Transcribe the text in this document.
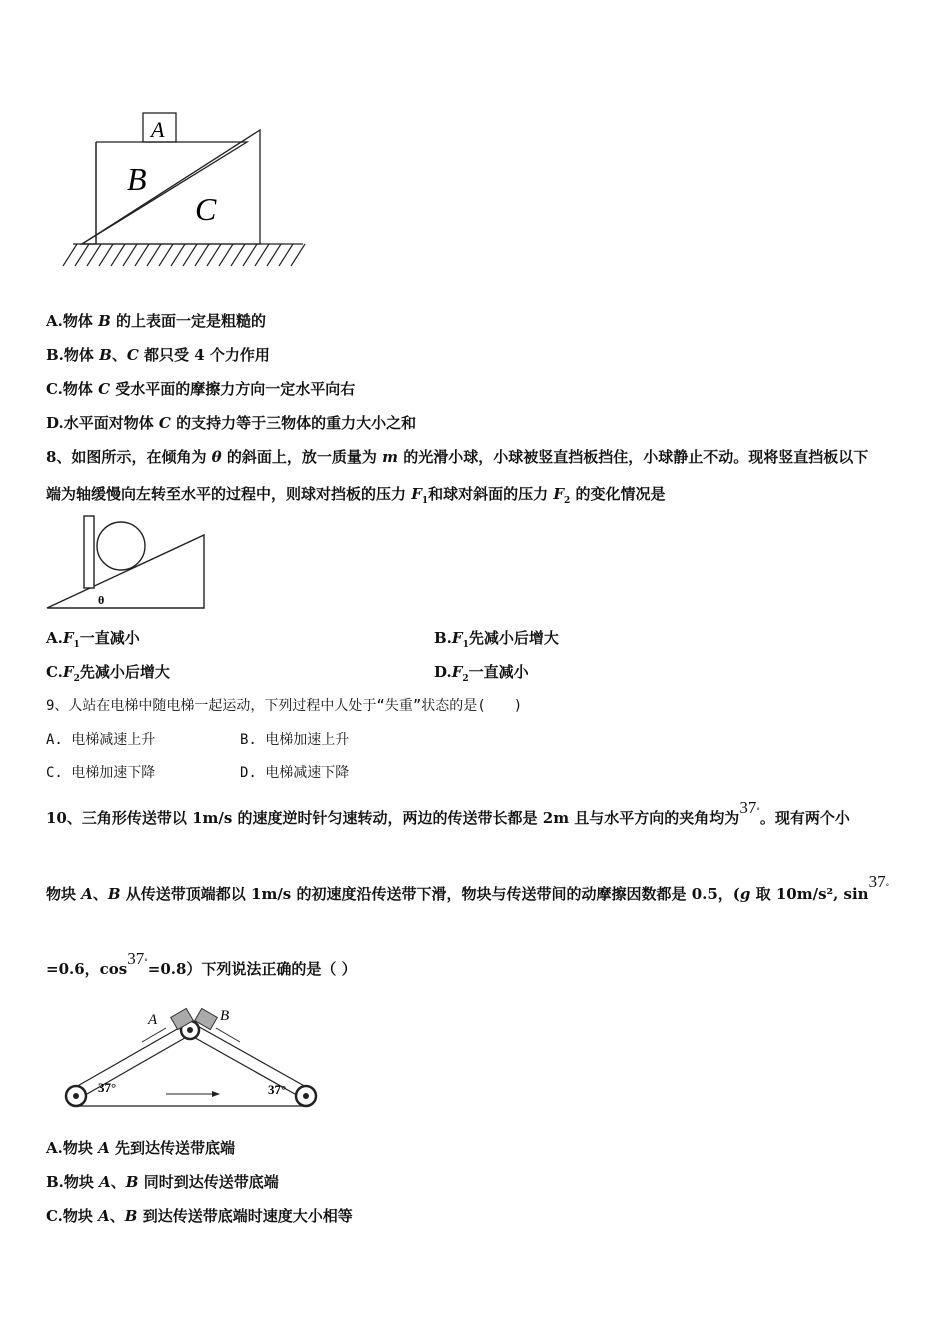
A
B
C
A.物体 B 的上表面一定是粗糙的
B.物体 B、C 都只受 4 个力作用
C.物体 C 受水平面的摩擦力方向一定水平向右
D.水平面对物体 C 的支持力等于三物体的重力大小之和
8、如图所示，在倾角为 θ 的斜面上，放一质量为 m 的光滑小球，小球被竖直挡板挡住，小球静止不动。现将竖直挡板以下
端为轴缓慢向左转至水平的过程中，则球对挡板的压力 $F_1$和球对斜面的压力 $F_2$ 的变化情况是
θ
$A.F_1$一直减小	$B.F_1$先减小后增大
$C.F_2$先减小后增大	$D.F_2$一直减小
9、人站在电梯中随电梯一起运动，下列过程中人处于“失重”状态的是(　　)
A. 电梯减速上升	B. 电梯加速上升
C. 电梯加速下降	D. 电梯减速下降
10、三角形传送带以 1m/s 的速度逆时针匀速转动，两边的传送带长都是 2m 且与水平方向的夹角均为37°。现有两个小
物块 A、B 从传送带顶端都以 1m/s 的初速度沿传送带下滑，物块与传送带间的动摩擦因数都是 0.5，(g 取 10m/s², sin37°
=0.6，cos37°=0.8）下列说法正确的是（ ）
A	B
37°	37°
A.物块 A 先到达传送带底端
B.物块 A、B 同时到达传送带底端
C.物块 A、B 到达传送带底端时速度大小相等
